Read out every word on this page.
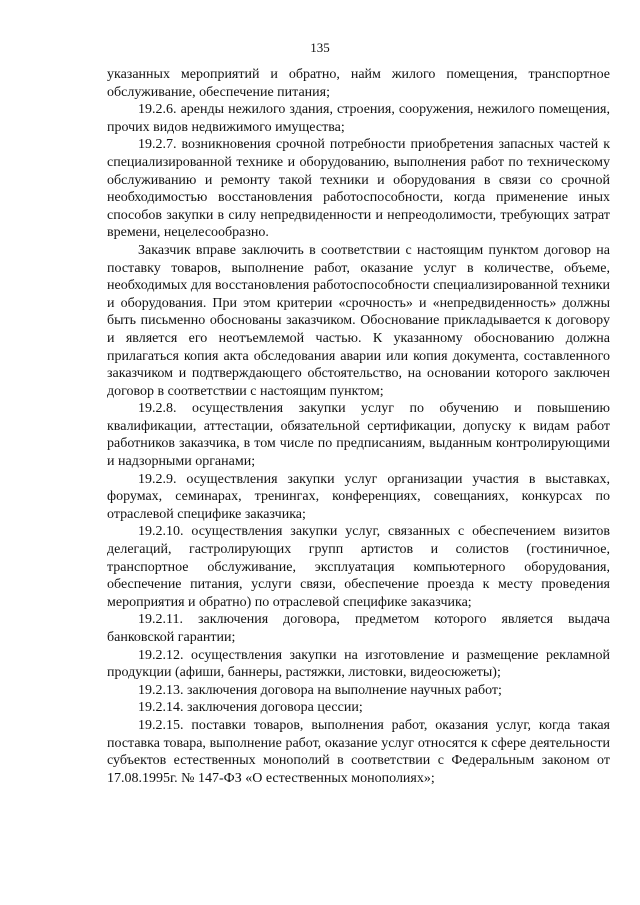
135

указанных мероприятий и обратно, найм жилого помещения, транспортное обслуживание, обеспечение питания;

19.2.6. аренды нежилого здания, строения, сооружения, нежилого помещения, прочих видов недвижимого имущества;

19.2.7. возникновения срочной потребности приобретения запасных частей к специализированной технике и оборудованию, выполнения работ по техническому обслуживанию и ремонту такой техники и оборудования в связи со срочной необходимостью восстановления работоспособности, когда применение иных способов закупки в силу непредвиденности и непреодолимости, требующих затрат времени, нецелесообразно.

Заказчик вправе заключить в соответствии с настоящим пунктом договор на поставку товаров, выполнение работ, оказание услуг в количестве, объеме, необходимых для восстановления работоспособности специализированной техники и оборудования. При этом критерии «срочность» и «непредвиденность» должны быть письменно обоснованы заказчиком. Обоснование прикладывается к договору и является его неотъемлемой частью. К указанному обоснованию должна прилагаться копия акта обследования аварии или копия документа, составленного заказчиком и подтверждающего обстоятельство, на основании которого заключен договор в соответствии с настоящим пунктом;

19.2.8. осуществления закупки услуг по обучению и повышению квалификации, аттестации, обязательной сертификации, допуску к видам работ работников заказчика, в том числе по предписаниям, выданным контролирующими и надзорными органами;

19.2.9. осуществления закупки услуг организации участия в выставках, форумах, семинарах, тренингах, конференциях, совещаниях, конкурсах по отраслевой специфике заказчика;

19.2.10. осуществления закупки услуг, связанных с обеспечением визитов делегаций, гастролирующих групп артистов и солистов (гостиничное, транспортное обслуживание, эксплуатация компьютерного оборудования, обеспечение питания, услуги связи, обеспечение проезда к месту проведения мероприятия и обратно) по отраслевой специфике заказчика;

19.2.11. заключения договора, предметом которого является выдача банковской гарантии;

19.2.12. осуществления закупки на изготовление и размещение рекламной продукции (афиши, баннеры, растяжки, листовки, видеосюжеты);

19.2.13. заключения договора на выполнение научных работ;

19.2.14. заключения договора цессии;

19.2.15. поставки товаров, выполнения работ, оказания услуг, когда такая поставка товара, выполнение работ, оказание услуг относятся к сфере деятельности субъектов естественных монополий в соответствии с Федеральным законом от 17.08.1995г. № 147-ФЗ «О естественных монополиях»;
